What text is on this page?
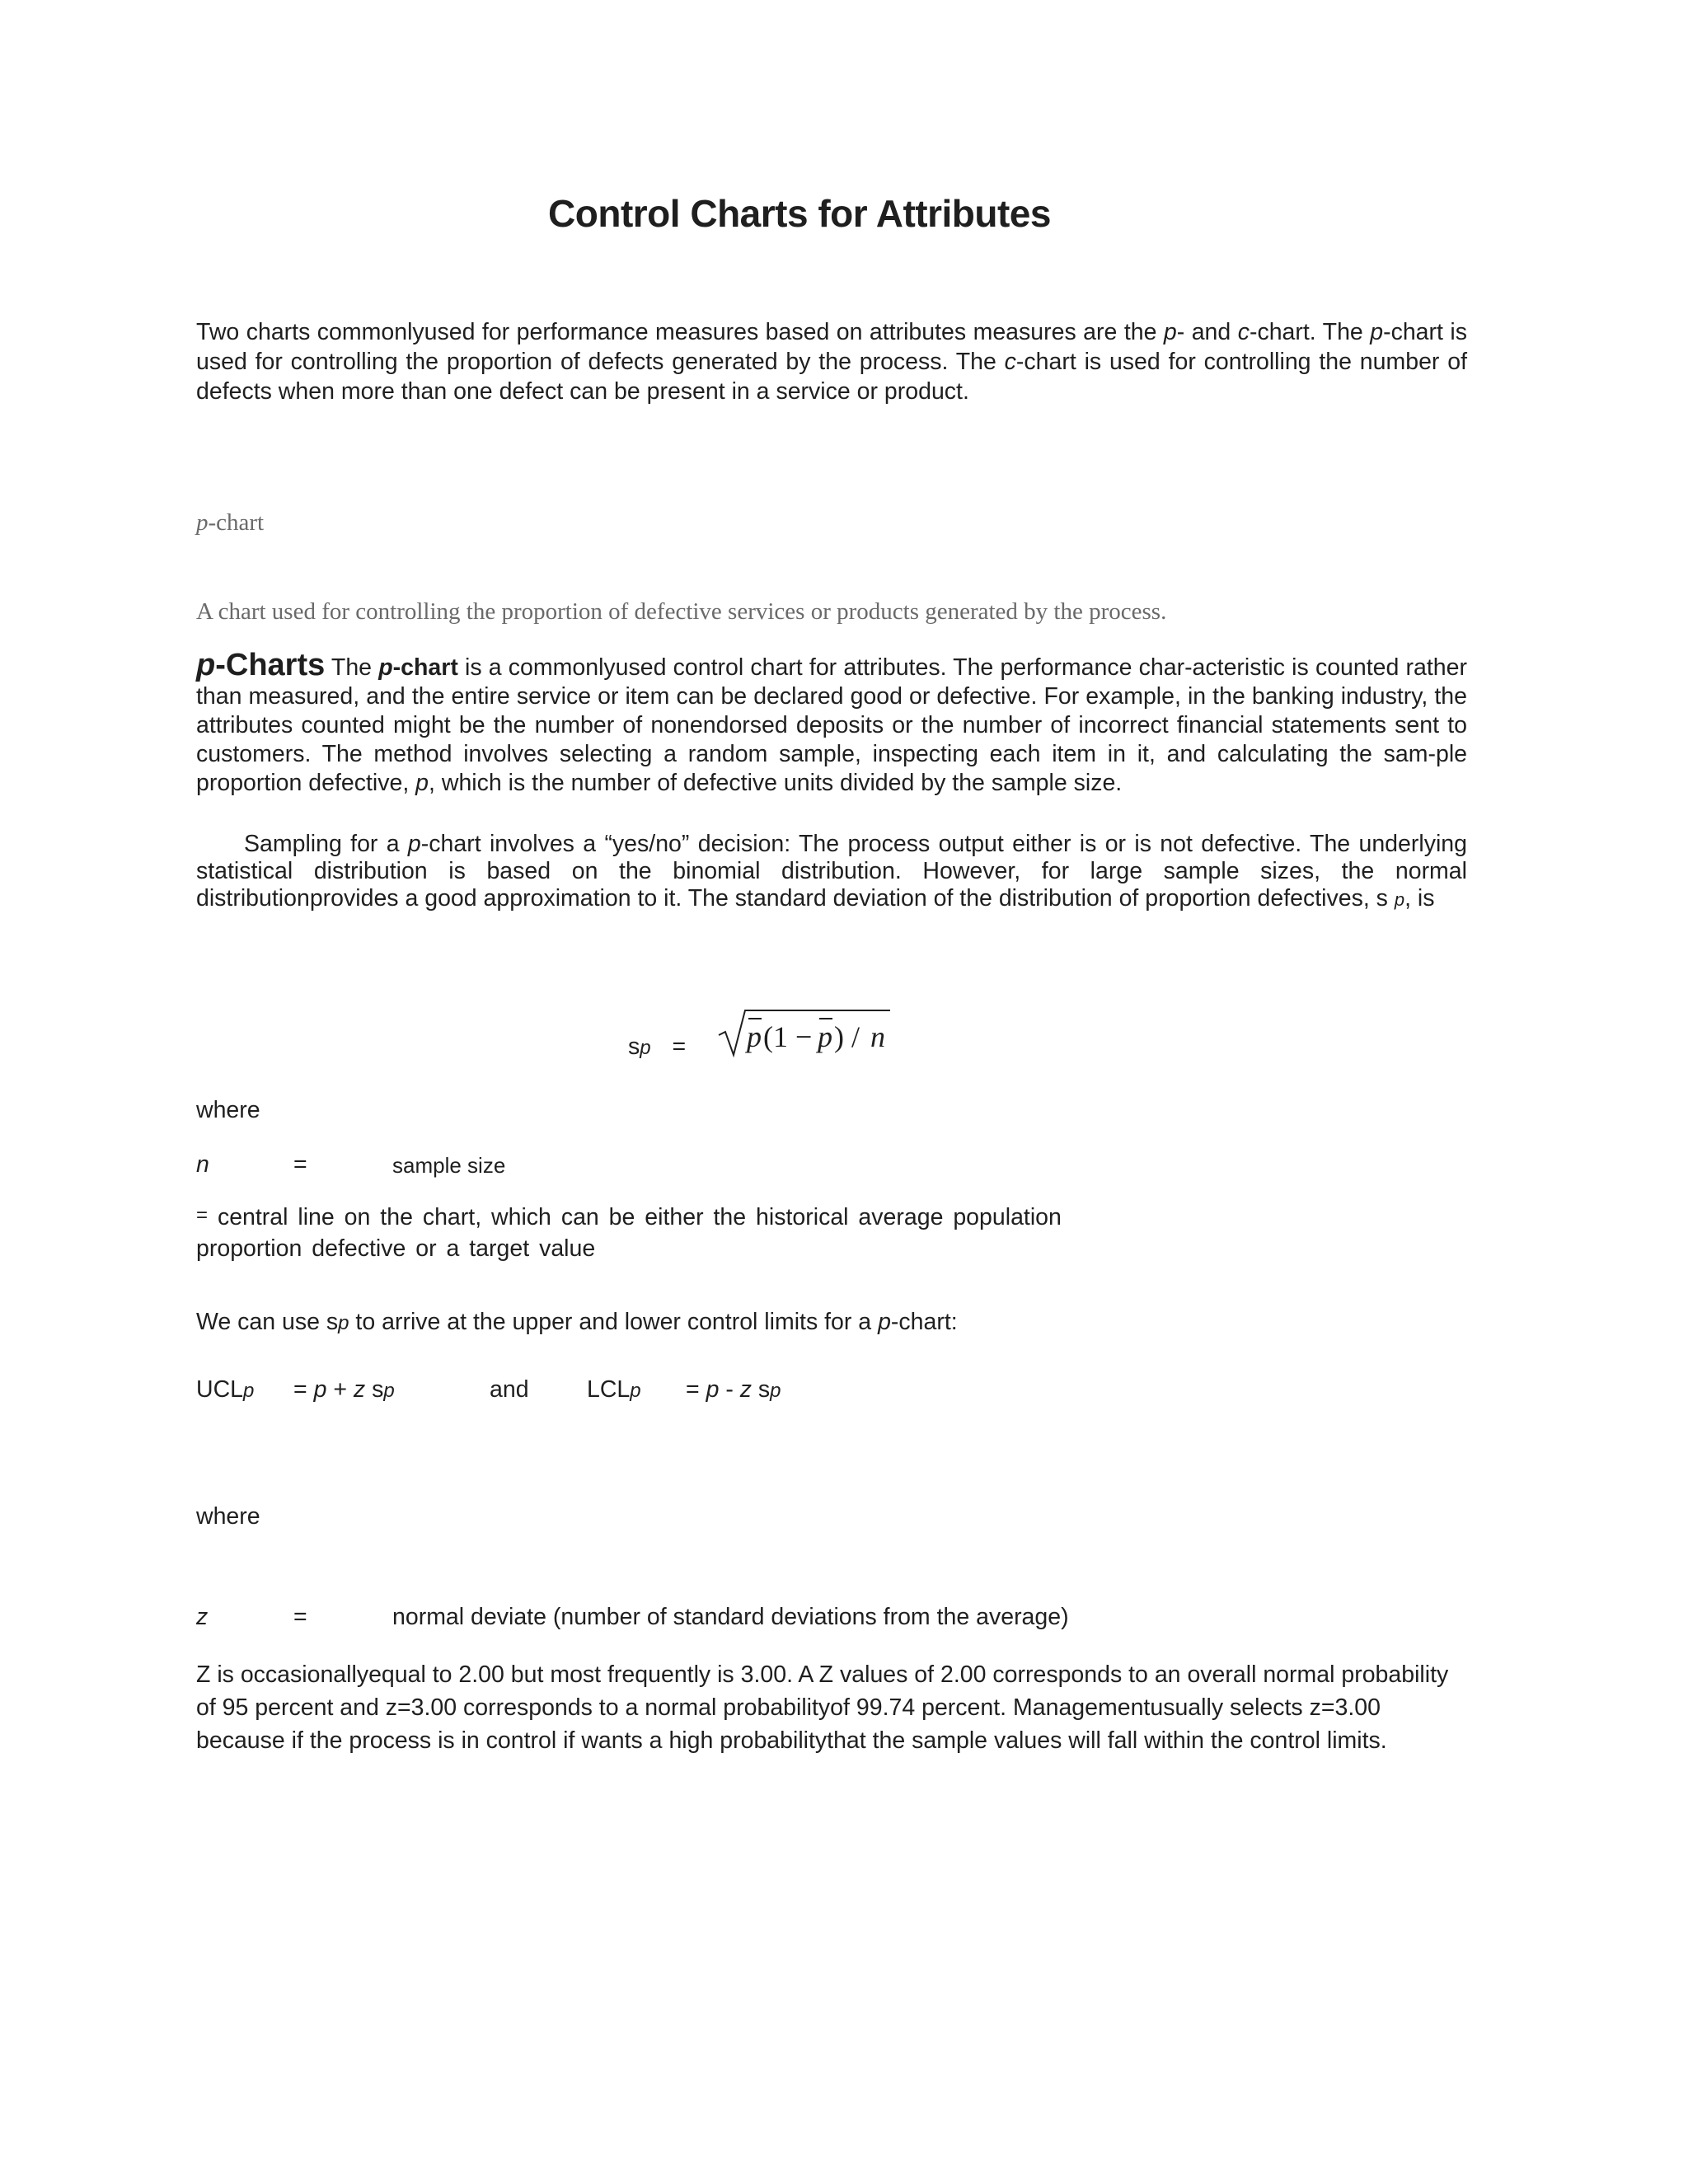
Control Charts for Attributes
Two charts commonlyused for performance measures based on attributes measures are the p- and c-chart. The p-chart is used for controlling the proportion of defects generated by the process. The c-chart is used for controlling the number of defects when more than one defect can be present in a service or product.
p-chart
A chart used for controlling the proportion of defective services or products generated by the process.
p-Charts The p-chart is a commonlyused control chart for attributes. The performance char-acteristic is counted rather than measured, and the entire service or item can be declared good or defective. For example, in the banking industry, the attributes counted might be the number of nonendorsed deposits or the number of incorrect financial statements sent to customers. The method involves selecting a random sample, inspecting each item in it, and calculating the sam-ple proportion defective, p, which is the number of defective units divided by the sample size.
Sampling for a p-chart involves a “yes/no” decision: The process output either is or is not defective. The underlying statistical distribution is based on the binomial distribution. However, for large sample sizes, the normal distributionprovides a good approximation to it. The standard deviation of the distribution of proportion defectives, s p, is
sp = p (1 − p ) / n
where
n	=	sample size
= central line on the chart, which can be either the historical average population proportion defective or a target value
We can use sp to arrive at the upper and lower control limits for a p-chart:
UCLp = p + z sp	and LCLp = p - z sp
where
z	=	normal deviate (number of standard deviations from the average)
Z is occasionallyequal to 2.00 but most frequently is 3.00. A Z values of 2.00 corresponds to an overall normal probability of 95 percent and z=3.00 corresponds to a normal probabilityof 99.74 percent. Managementusually selects z=3.00 because if the process is in control if wants a high probabilitythat the sample values will fall within the control limits.
